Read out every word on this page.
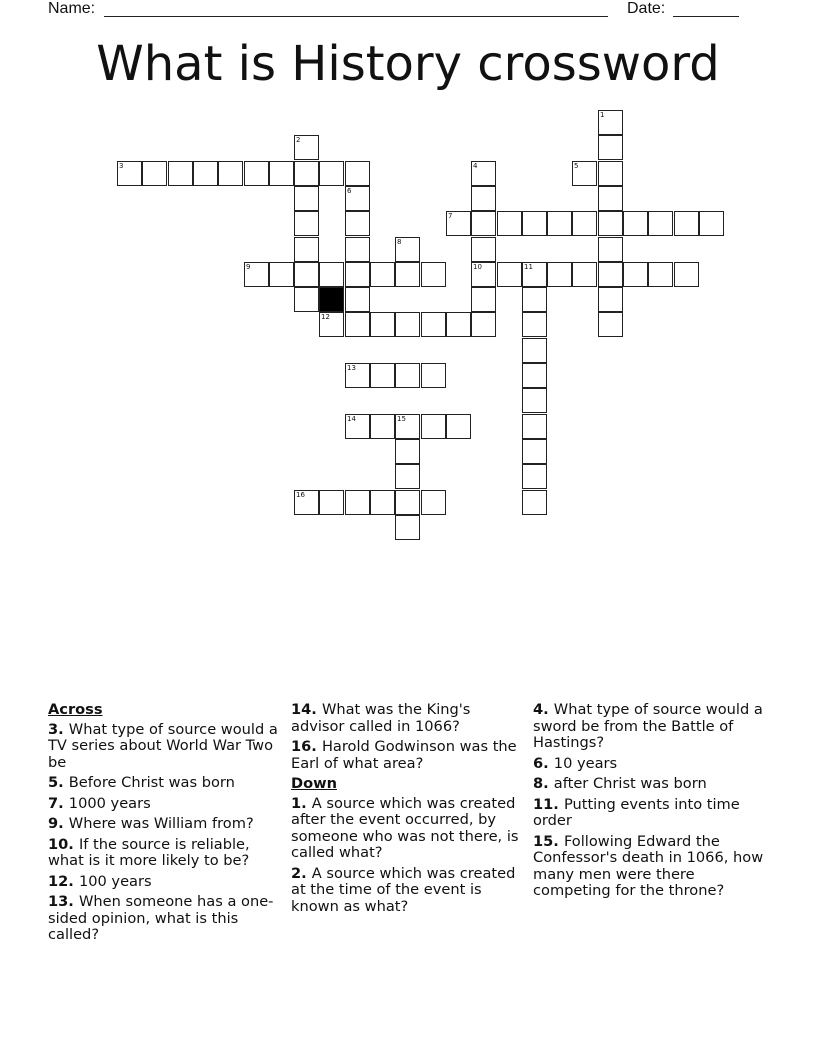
Name:	Date:
What is History crossword
1
2
3	4
10
5
6
7
8
9	11
12
13
14	15
16
Across
3. What type of source would a TV series about World War Two be
5. Before Christ was born
7. 1000 years
9. Where was William from?
10. If the source is reliable, what is it more likely to be?
12. 100 years
13. When someone has a one-sided opinion, what is this called?
14. What was the King's advisor called in 1066?
16. Harold Godwinson was the Earl of what area?
Down
1. A source which was created after the event occurred, by someone who was not there, is called what?
2. A source which was created at the time of the event is known as what?
4. What type of source would a sword be from the Battle of Hastings?
6. 10 years
8. after Christ was born
11. Putting events into time order
15. Following Edward the Confessor's death in 1066, how many men were there competing for the throne?
